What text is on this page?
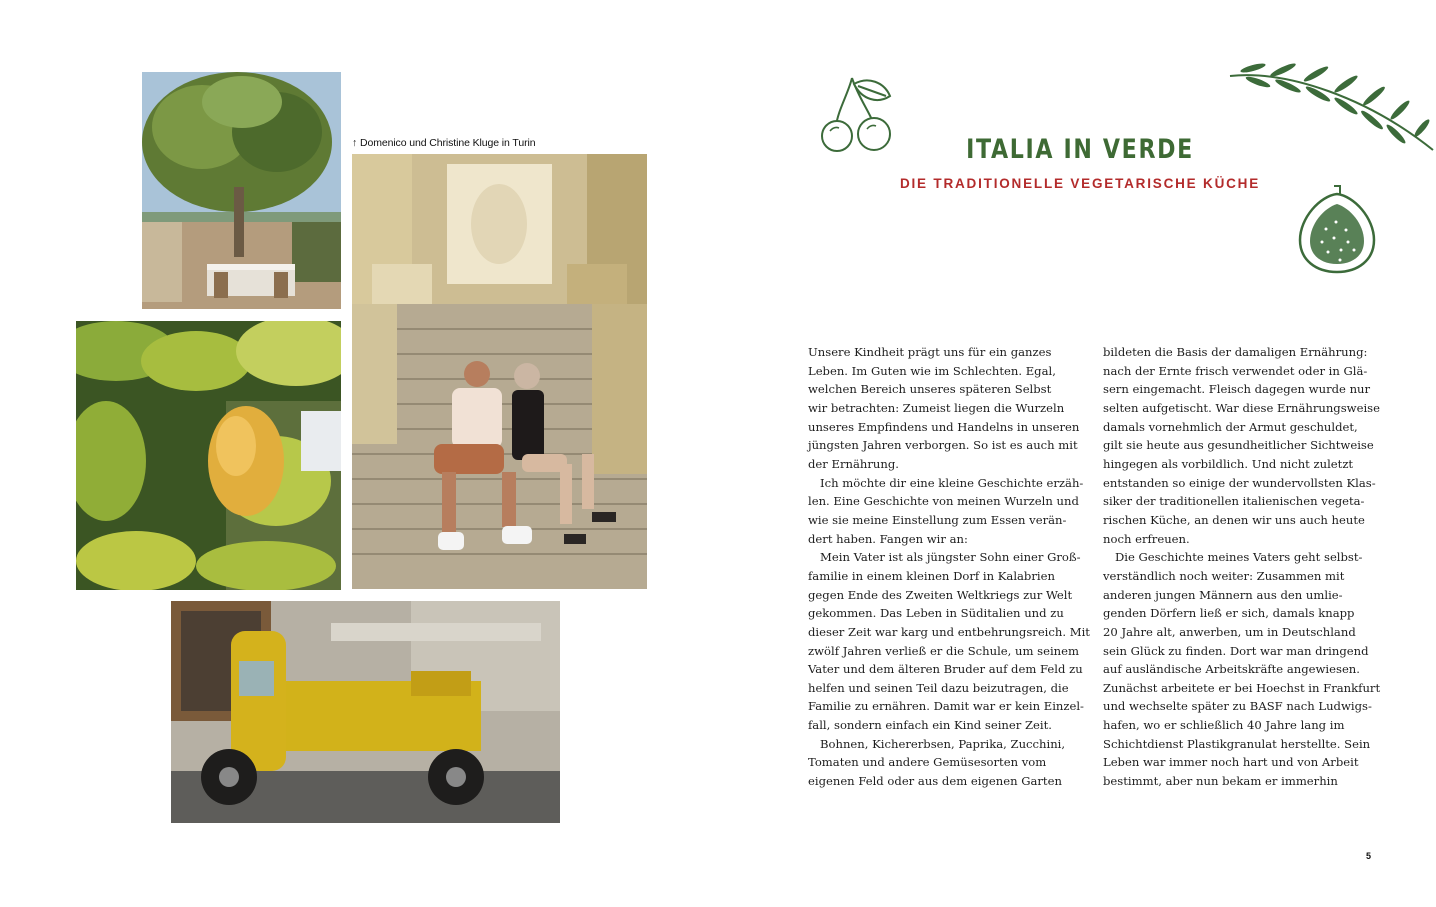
↑ Domenico und Christine Kluge in Turin	ITALIA IN VERDE
DIE TRADITIONELLE VEGETARISCHE KÜCHE
Unsere Kindheit prägt uns für ein ganzes
Leben. Im Guten wie im Schlechten. Egal,
welchen Bereich unseres späteren Selbst
wir betrachten: Zumeist liegen die Wurzeln
unseres Empfindens und Handelns in unseren
jüngsten Jahren verborgen. So ist es auch mit
der Ernährung.
Ich möchte dir eine kleine Geschichte erzäh-
len. Eine Geschichte von meinen Wurzeln und
wie sie meine Einstellung zum Essen verän-
dert haben. Fangen wir an:
Mein Vater ist als jüngster Sohn einer Groß-
familie in einem kleinen Dorf in Kalabrien
gegen Ende des Zweiten Weltkriegs zur Welt
gekommen. Das Leben in Süditalien und zu
dieser Zeit war karg und entbehrungsreich. Mit
zwölf Jahren verließ er die Schule, um seinem
Vater und dem älteren Bruder auf dem Feld zu
helfen und seinen Teil dazu beizutragen, die
Familie zu ernähren. Damit war er kein Einzel-
fall, sondern einfach ein Kind seiner Zeit.
Bohnen, Kichererbsen, Paprika, Zucchini,
Tomaten und andere Gemüsesorten vom
eigenen Feld oder aus dem eigenen Garten
bildeten die Basis der damaligen Ernährung:
nach der Ernte frisch verwendet oder in Glä-
sern eingemacht. Fleisch dagegen wurde nur
selten aufgetischt. War diese Ernährungsweise
damals vornehmlich der Armut geschuldet,
gilt sie heute aus gesundheitlicher Sichtweise
hingegen als vorbildlich. Und nicht zuletzt
entstanden so einige der wundervollsten Klas-
siker der traditionellen italienischen vegeta-
rischen Küche, an denen wir uns auch heute
noch erfreuen.
Die Geschichte meines Vaters geht selbst-
verständlich noch weiter: Zusammen mit
anderen jungen Männern aus den umlie-
genden Dörfern ließ er sich, damals knapp
20 Jahre alt, anwerben, um in Deutschland
sein Glück zu finden. Dort war man dringend
auf ausländische Arbeitskräfte angewiesen.
Zunächst arbeitete er bei Hoechst in Frankfurt
und wechselte später zu BASF nach Ludwigs-
hafen, wo er schließlich 40 Jahre lang im
Schichtdienst Plastikgranulat herstellte. Sein
Leben war immer noch hart und von Arbeit
bestimmt, aber nun bekam er immerhin
5
